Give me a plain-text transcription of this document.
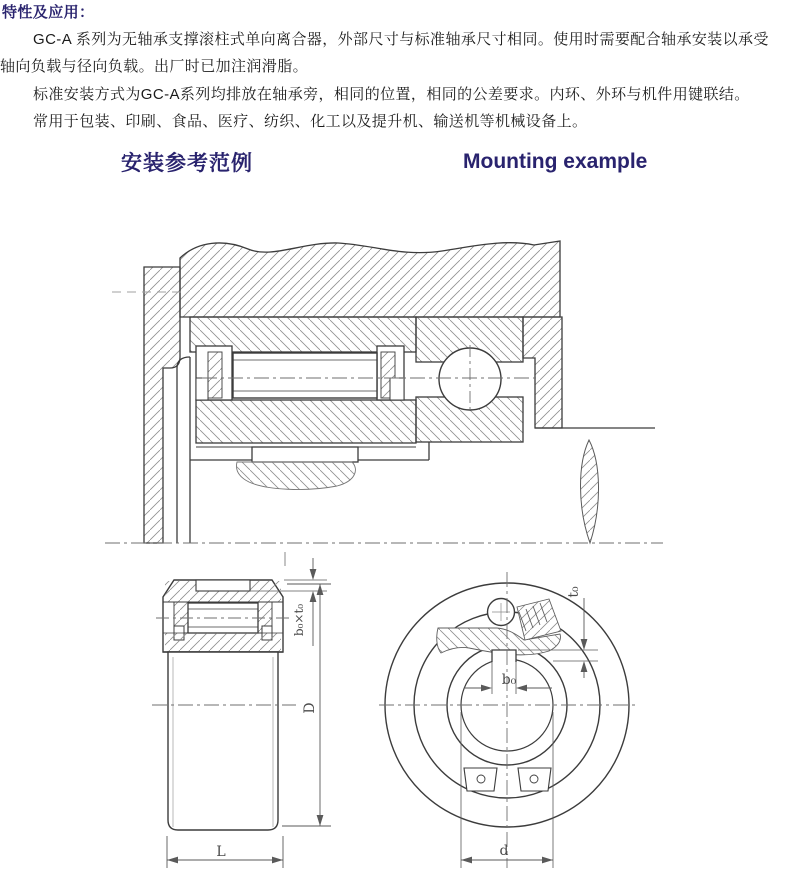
特性及应用：
GC-A 系列为无轴承支撑滚柱式单向离合器，外部尺寸与标准轴承尺寸相同。使用时需要配合轴承安装以承受
轴向负载与径向负载。出厂时已加注润滑脂。
标准安装方式为GC-A系列均排放在轴承旁，相同的位置，相同的公差要求。内环、外环与机件用键联结。
常用于包装、印刷、食品、医疗、纺织、化工以及提升机、输送机等机械设备上。
安装参考范例	Mounting example
b₀×t₀
D
L
b₀
t₀
d
